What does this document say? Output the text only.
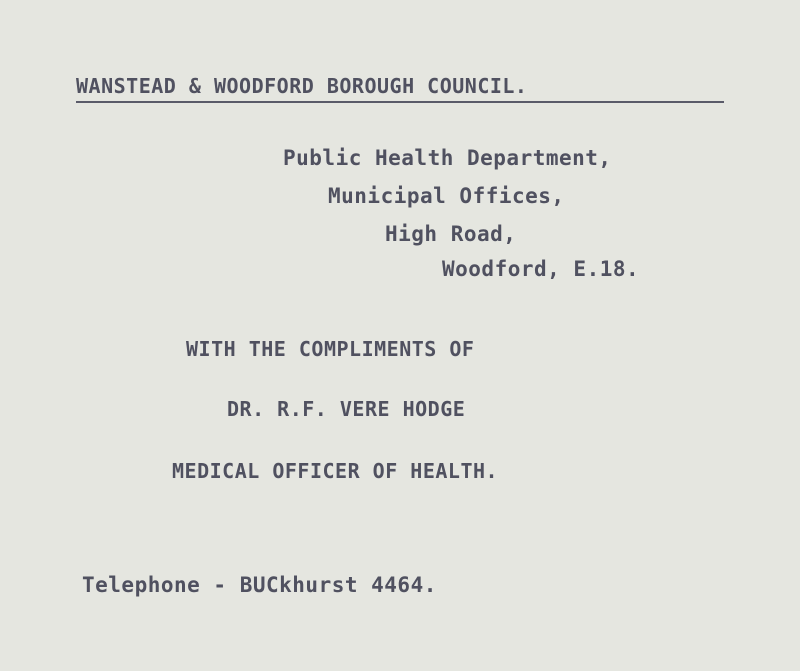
WANSTEAD & WOODFORD BOROUGH COUNCIL.
Public Health Department,
Municipal Offices,
High Road,
Woodford, E.18.
WITH THE COMPLIMENTS OF
DR. R.F. VERE HODGE
MEDICAL OFFICER OF HEALTH.
Telephone - BUCkhurst 4464.
